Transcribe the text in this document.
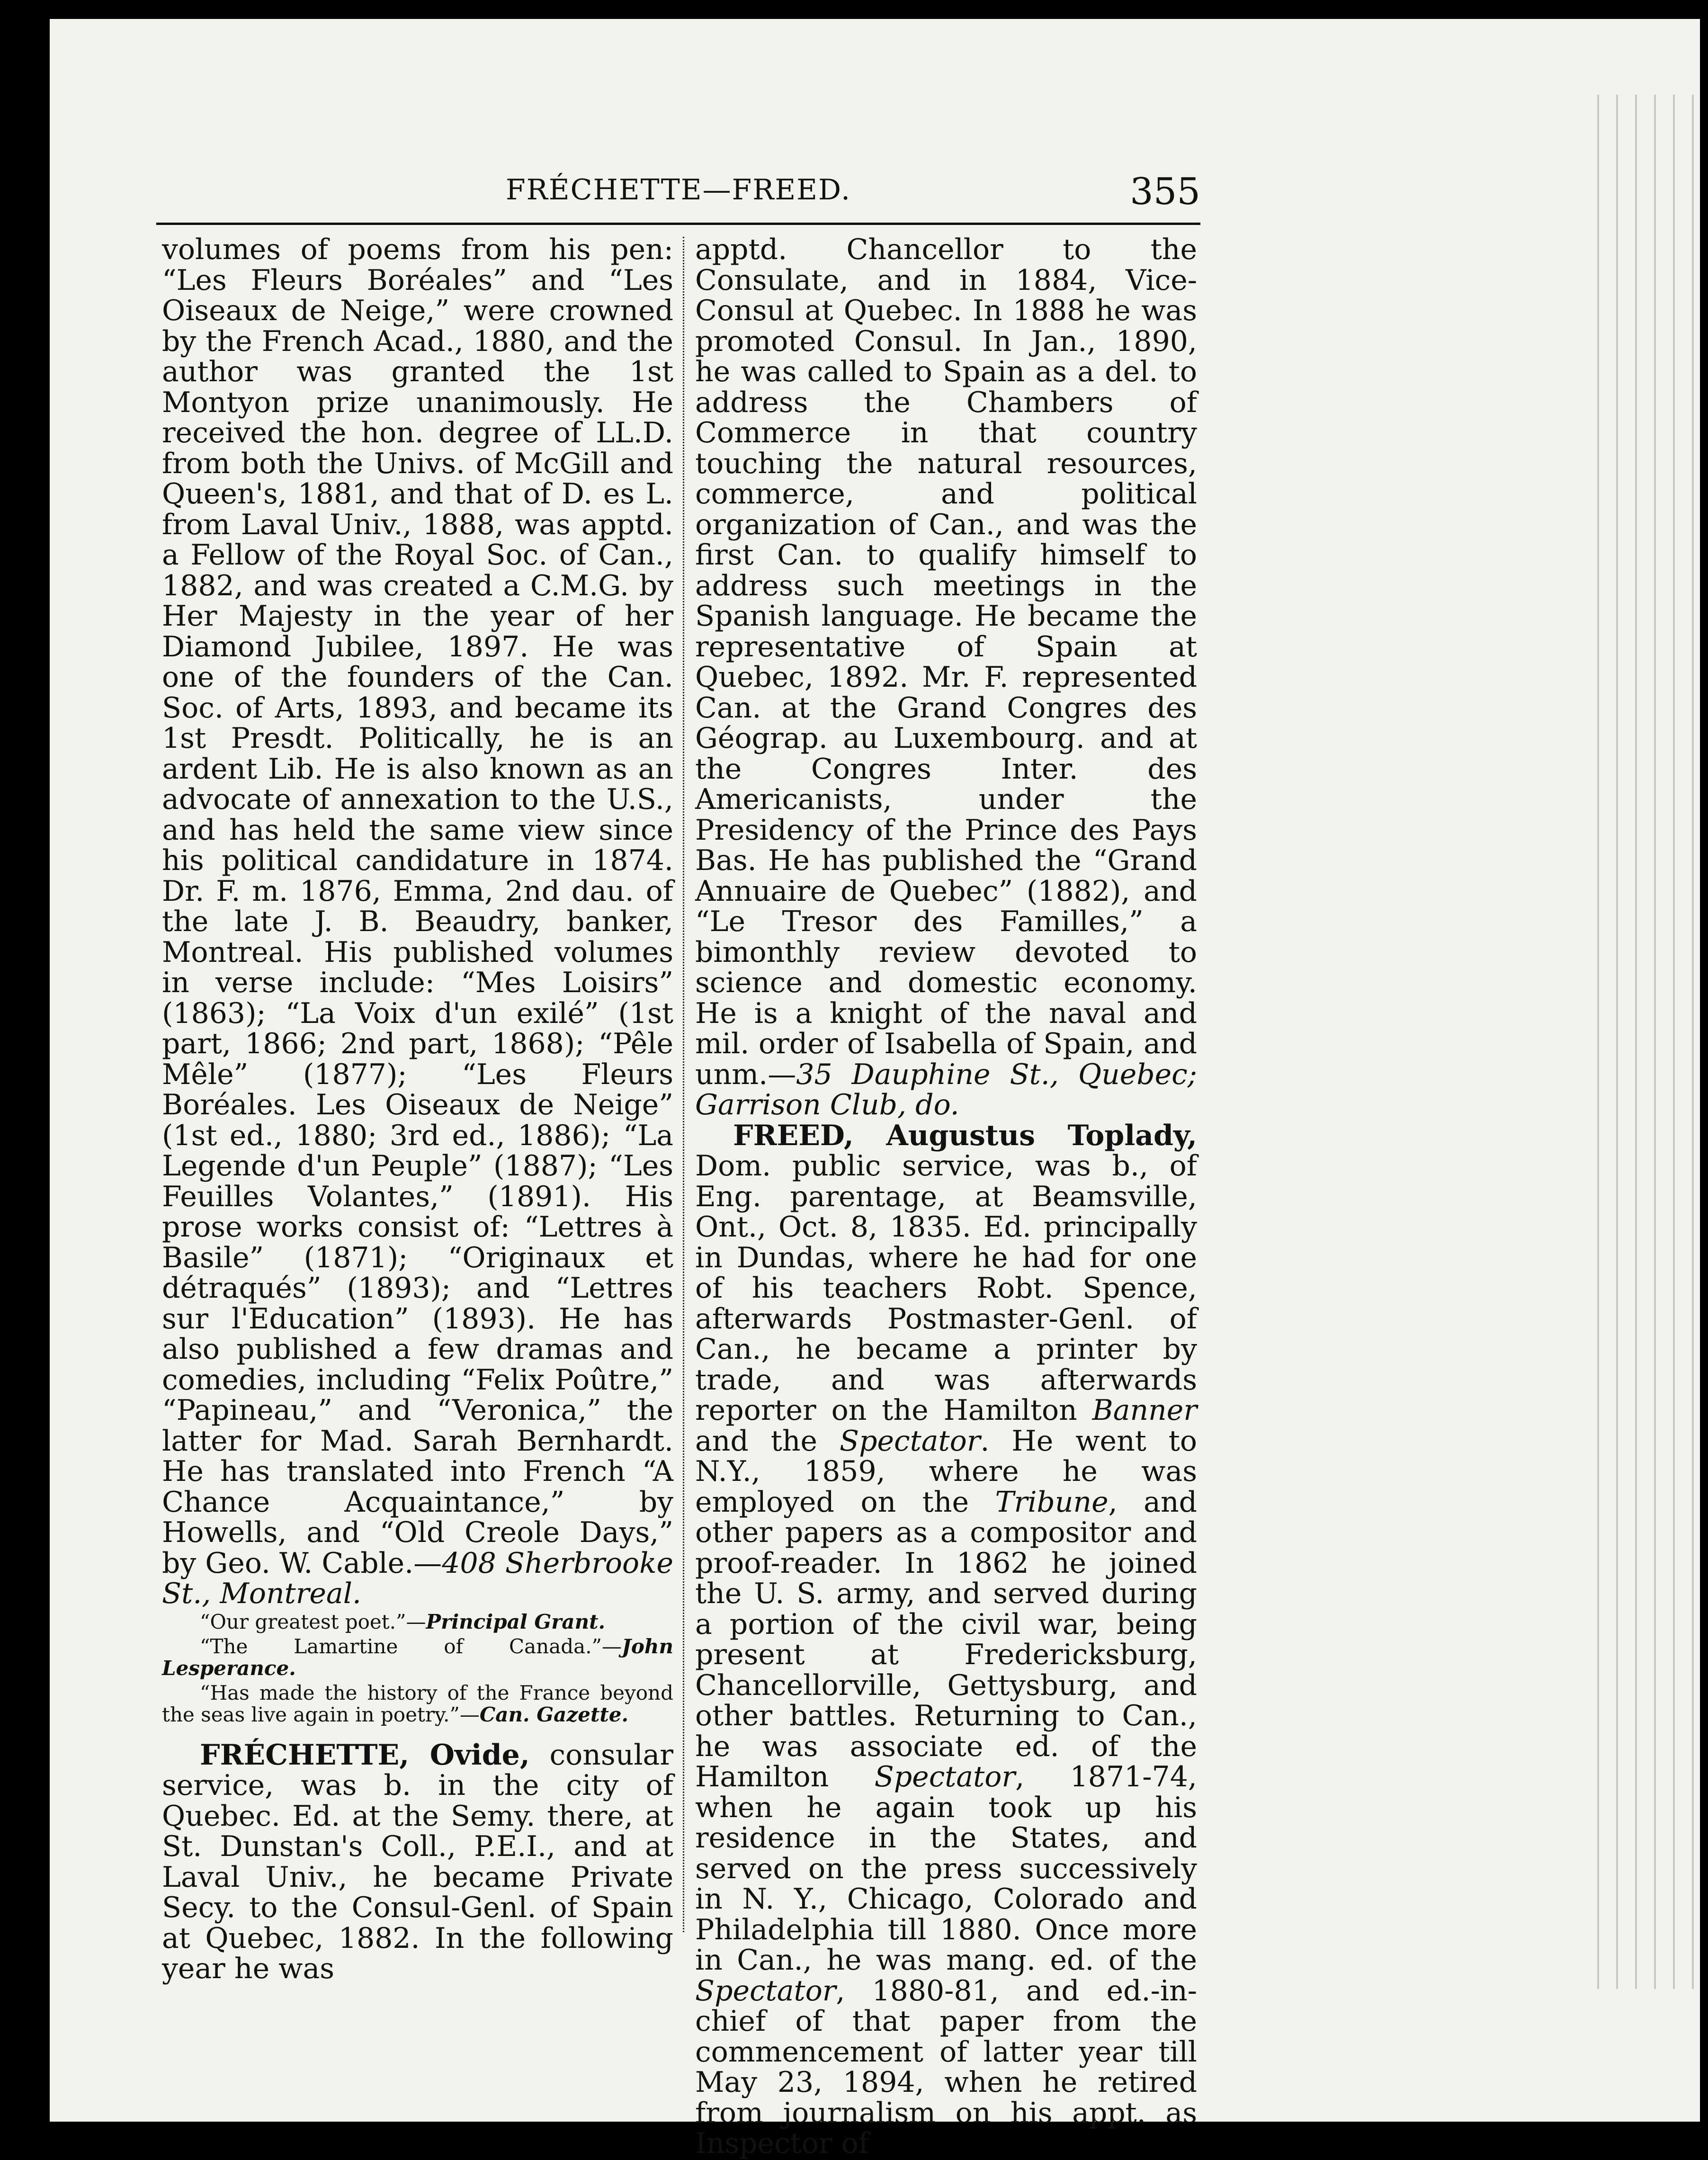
FRÉCHETTE—FREED.	355

volumes of poems from his pen: “Les Fleurs Boréales” and “Les Oiseaux de Neige,” were crowned by the French Acad., 1880, and the author was granted the 1st Montyon prize unanimously. He received the hon. degree of LL.D. from both the Univs. of McGill and Queen's, 1881, and that of D. es L. from Laval Univ., 1888, was apptd. a Fellow of the Royal Soc. of Can., 1882, and was created a C.M.G. by Her Majesty in the year of her Diamond Jubilee, 1897. He was one of the founders of the Can. Soc. of Arts, 1893, and became its 1st Presdt. Politically, he is an ardent Lib. He is also known as an advocate of annexation to the U.S., and has held the same view since his political candidature in 1874. Dr. F. m. 1876, Emma, 2nd dau. of the late J. B. Beaudry, banker, Montreal. His published volumes in verse include: “Mes Loisirs” (1863); “La Voix d'un exilé” (1st part, 1866; 2nd part, 1868); “Pêle Mêle” (1877); “Les Fleurs Boréales. Les Oiseaux de Neige” (1st ed., 1880; 3rd ed., 1886); “La Legende d'un Peuple” (1887); “Les Feuilles Volantes,” (1891). His prose works consist of: “Lettres à Basile” (1871); “Originaux et détraqués” (1893); and “Lettres sur l'Education” (1893). He has also published a few dramas and comedies, including “Felix Poûtre,” “Papineau,” and “Veronica,” the latter for Mad. Sarah Bernhardt. He has translated into French “A Chance Acquaintance,” by Howells, and “Old Creole Days,” by Geo. W. Cable.—408 Sherbrooke St., Montreal.

“Our greatest poet.”—Principal Grant.

“The Lamartine of Canada.”—John Lesperance.

“Has made the history of the France beyond the seas live again in poetry.”—Can. Gazette.

FRÉCHETTE, Ovide, consular service, was b. in the city of Quebec. Ed. at the Semy. there, at St. Dunstan's Coll., P.E.I., and at Laval Univ., he became Private Secy. to the Consul-Genl. of Spain at Quebec, 1882. In the following year he was

apptd. Chancellor to the Consulate, and in 1884, Vice-Consul at Quebec. In 1888 he was promoted Consul. In Jan., 1890, he was called to Spain as a del. to address the Chambers of Commerce in that country touching the natural resources, commerce, and political organization of Can., and was the first Can. to qualify himself to address such meetings in the Spanish language. He became the representative of Spain at Quebec, 1892. Mr. F. represented Can. at the Grand Congres des Géograp. au Luxembourg. and at the Congres Inter. des Americanists, under the Presidency of the Prince des Pays Bas. He has published the “Grand Annuaire de Quebec” (1882), and “Le Tresor des Familles,” a bimonthly review devoted to science and domestic economy. He is a knight of the naval and mil. order of Isabella of Spain, and unm.—35 Dauphine St., Quebec; Garrison Club, do.

FREED, Augustus Toplady, Dom. public service, was b., of Eng. parentage, at Beamsville, Ont., Oct. 8, 1835. Ed. principally in Dundas, where he had for one of his teachers Robt. Spence, afterwards Postmaster-Genl. of Can., he became a printer by trade, and was afterwards reporter on the Hamilton Banner and the Spectator. He went to N.Y., 1859, where he was employed on the Tribune, and other papers as a compositor and proof-reader. In 1862 he joined the U. S. army, and served during a portion of the civil war, being present at Fredericksburg, Chancellorville, Gettysburg, and other battles. Returning to Can., he was associate ed. of the Hamilton Spectator, 1871-74, when he again took up his residence in the States, and served on the press successively in N. Y., Chicago, Colorado and Philadelphia till 1880. Once more in Can., he was mang. ed. of the Spectator, 1880-81, and ed.-in-chief of that paper from the commencement of latter year till May 23, 1894, when he retired from journalism on his appt. as Inspector of
